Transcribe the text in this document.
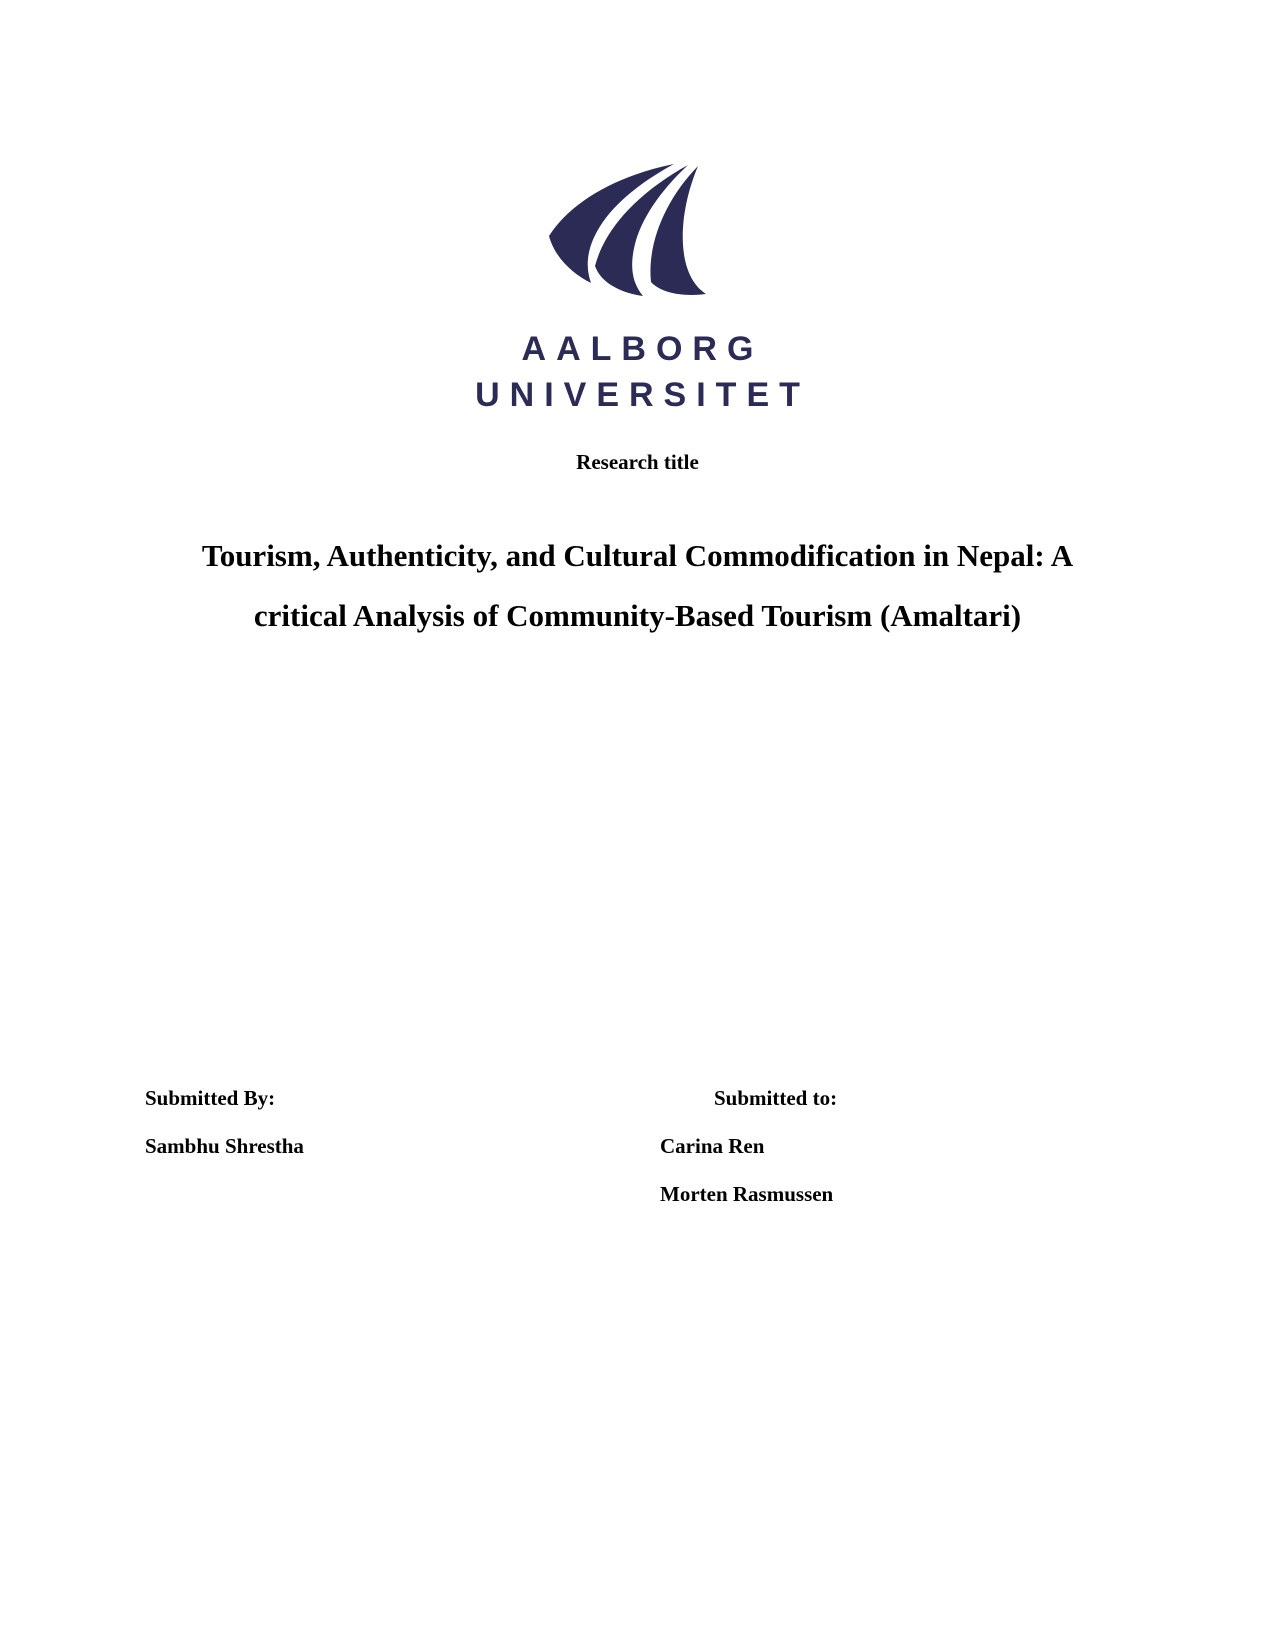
AALBORG
UNIVERSITET
Research title
Tourism, Authenticity, and Cultural Commodification in Nepal: A
critical Analysis of Community-Based Tourism (Amaltari)
Submitted By:	Submitted to:
Sambhu Shrestha	Carina Ren
Morten Rasmussen
